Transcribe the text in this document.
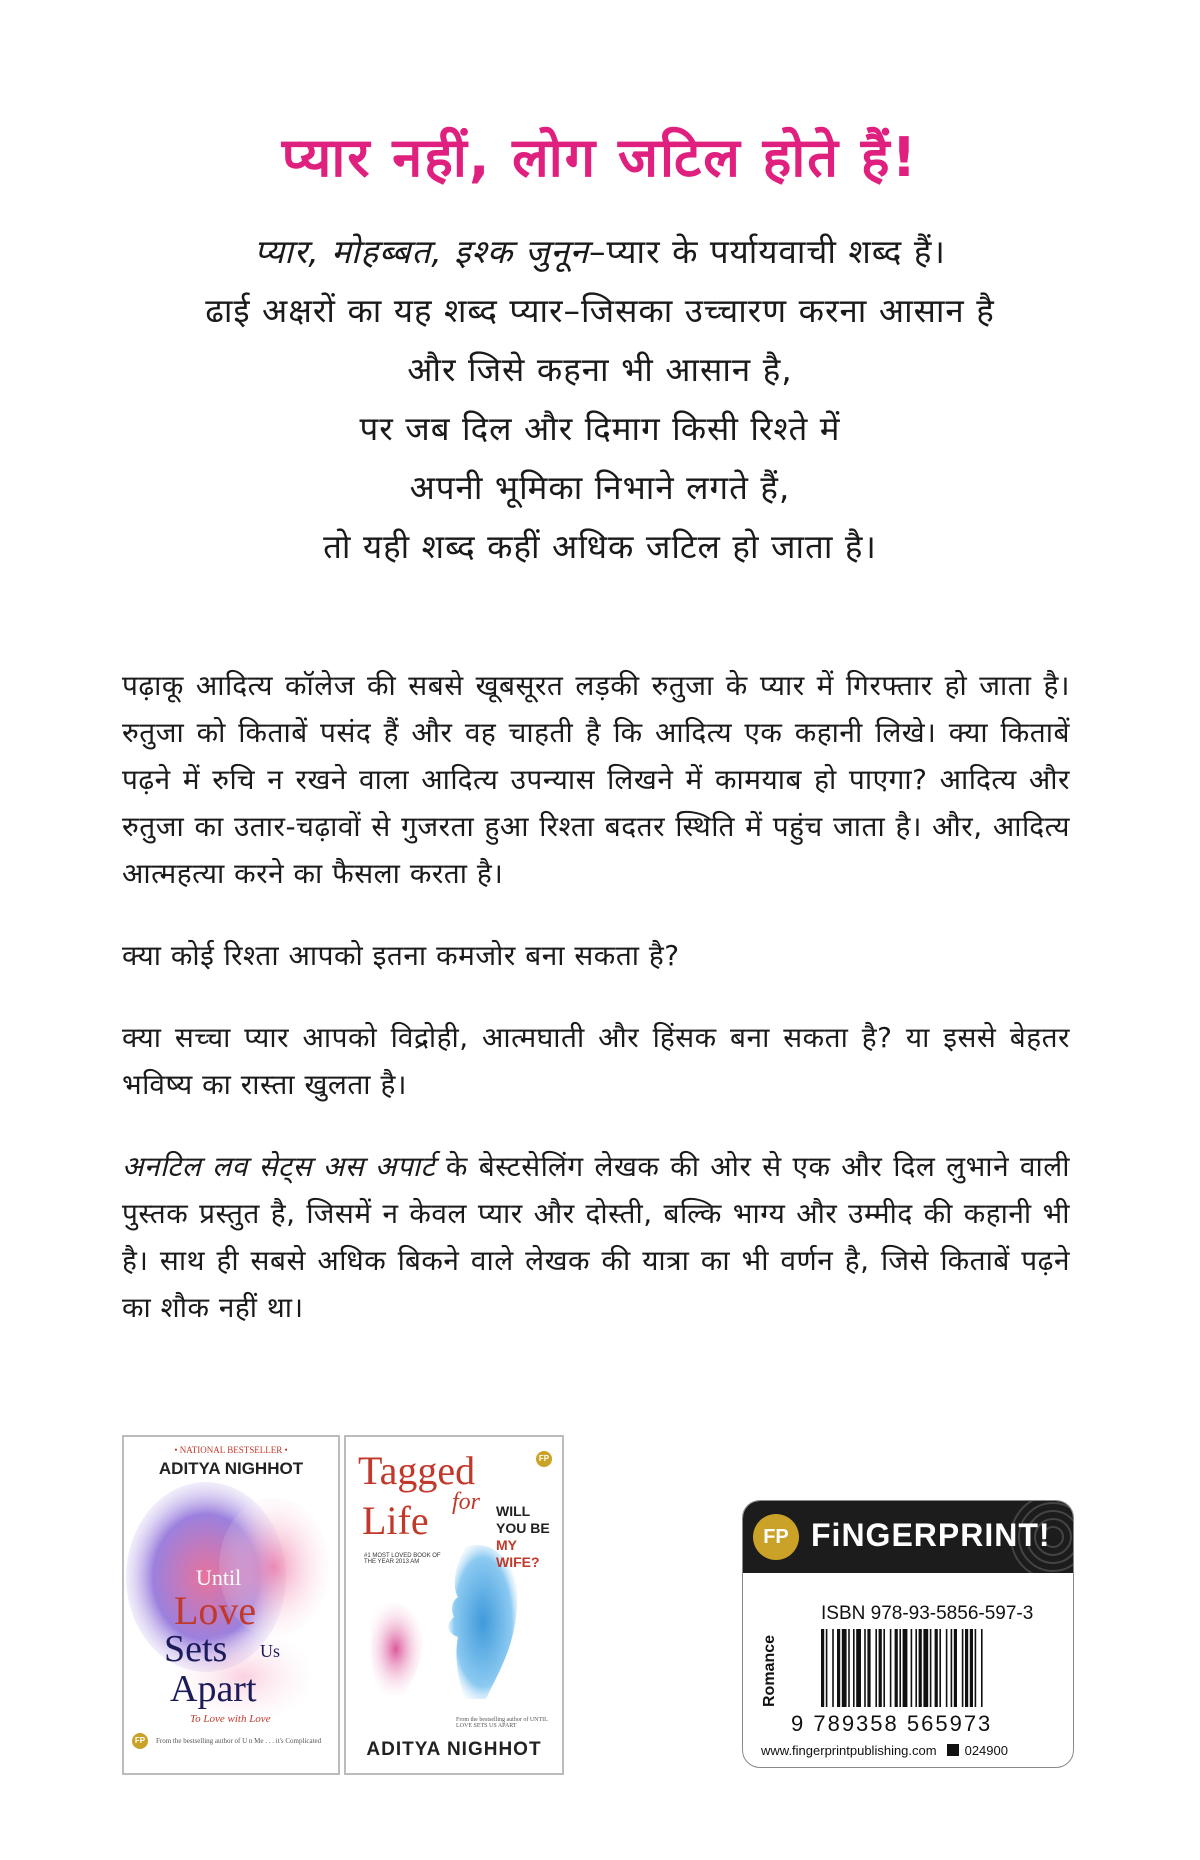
प्यार नहीं, लोग जटिल होते हैं!
प्यार, मोहब्बत, इश्क जुनून–प्यार के पर्यायवाची शब्द हैं।
ढाई अक्षरों का यह शब्द प्यार–जिसका उच्चारण करना आसान है
और जिसे कहना भी आसान है,
पर जब दिल और दिमाग किसी रिश्ते में
अपनी भूमिका निभाने लगते हैं,
तो यही शब्द कहीं अधिक जटिल हो जाता है।

पढ़ाकू आदित्य कॉलेज की सबसे खूबसूरत लड़की रुतुजा के प्यार में गिरफ्तार हो जाता है। रुतुजा को किताबें पसंद हैं और वह चाहती है कि आदित्य एक कहानी लिखे। क्या किताबें पढ़ने में रुचि न रखने वाला आदित्य उपन्यास लिखने में कामयाब हो पाएगा? आदित्य और रुतुजा का उतार-चढ़ावों से गुजरता हुआ रिश्ता बदतर स्थिति में पहुंच जाता है। और, आदित्य आत्महत्या करने का फैसला करता है।

क्या कोई रिश्ता आपको इतना कमजोर बना सकता है?

क्या सच्चा प्यार आपको विद्रोही, आत्मघाती और हिंसक बना सकता है? या इससे बेहतर भविष्य का रास्ता खुलता है।

अनटिल लव सेट्स अस अपार्ट के बेस्टसेलिंग लेखक की ओर से एक और दिल लुभाने वाली पुस्तक प्रस्तुत है, जिसमें न केवल प्यार और दोस्ती, बल्कि भाग्य और उम्मीद की कहानी भी है। साथ ही सबसे अधिक बिकने वाले लेखक की यात्रा का भी वर्णन है, जिसे किताबें पढ़ने का शौक नहीं था।

• NATIONAL BESTSELLER •
ADITYA NIGHHOT
Until
Love
Sets Us
Apart
To Love with Love
FP	From the bestselling author of U n Me . . . it's Complicated
Tagged
for
Life
FP
WILL
YOU BE
MY
WIFE?
#1 MOST LOVED BOOK OF THE YEAR 2013 AM
From the bestselling author of UNTIL LOVE SETS US APART
ADITYA NIGHHOT
FP FiNGERPRINT!
ISBN 978-93-5856-597-3
Romance
9 789358 565973
www.fingerprintpublishing.com 024900
